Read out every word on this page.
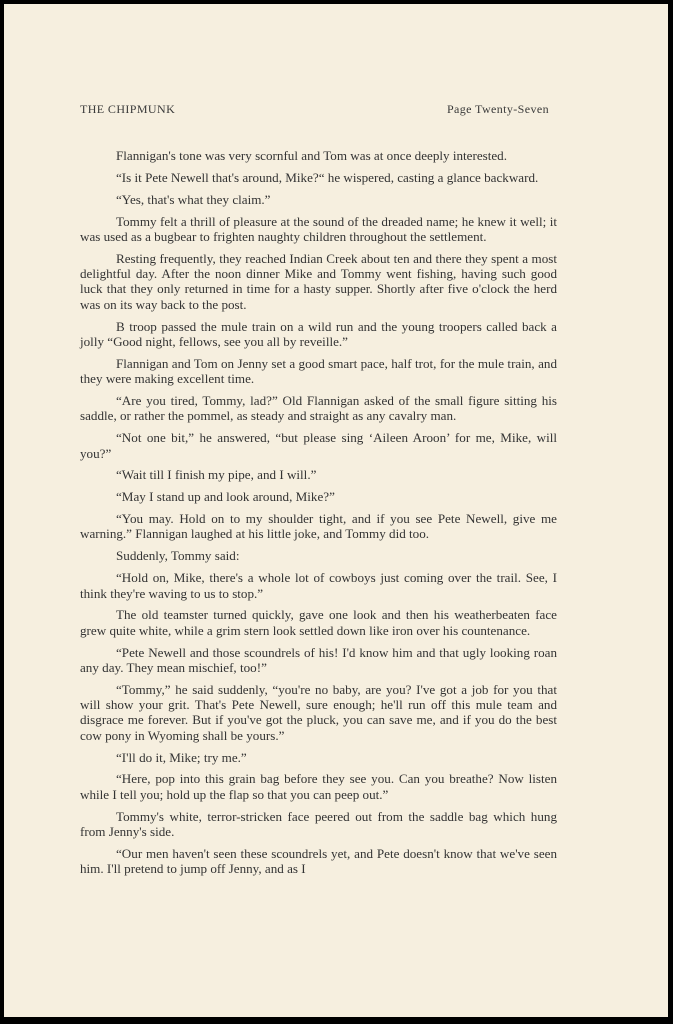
THE CHIPMUNK	Page Twenty-Seven

Flannigan's tone was very scornful and Tom was at once deeply interested.

“Is it Pete Newell that's around, Mike?“ he wispered, casting a glance backward.

“Yes, that's what they claim.”

Tommy felt a thrill of pleasure at the sound of the dreaded name; he knew it well; it was used as a bugbear to frighten naughty children throughout the settlement.

Resting frequently, they reached Indian Creek about ten and there they spent a most delightful day. After the noon dinner Mike and Tommy went fishing, having such good luck that they only returned in time for a hasty supper. Shortly after five o'clock the herd was on its way back to the post.

B troop passed the mule train on a wild run and the young troopers called back a jolly “Good night, fellows, see you all by reveille.”

Flannigan and Tom on Jenny set a good smart pace, half trot, for the mule train, and they were making excellent time.

“Are you tired, Tommy, lad?” Old Flannigan asked of the small figure sitting his saddle, or rather the pommel, as steady and straight as any cavalry man.

“Not one bit,” he answered, “but please sing ‘Aileen Aroon’ for me, Mike, will you?”

“Wait till I finish my pipe, and I will.”

“May I stand up and look around, Mike?”

“You may. Hold on to my shoulder tight, and if you see Pete Newell, give me warning.” Flannigan laughed at his little joke, and Tommy did too.

Suddenly, Tommy said:

“Hold on, Mike, there's a whole lot of cowboys just coming over the trail. See, I think they're waving to us to stop.”

The old teamster turned quickly, gave one look and then his weatherbeaten face grew quite white, while a grim stern look settled down like iron over his countenance.

“Pete Newell and those scoundrels of his! I'd know him and that ugly looking roan any day. They mean mischief, too!”

“Tommy,” he said suddenly, “you're no baby, are you? I've got a job for you that will show your grit. That's Pete Newell, sure enough; he'll run off this mule team and disgrace me forever. But if you've got the pluck, you can save me, and if you do the best cow pony in Wyoming shall be yours.”

“I'll do it, Mike; try me.”

“Here, pop into this grain bag before they see you. Can you breathe? Now listen while I tell you; hold up the flap so that you can peep out.”

Tommy's white, terror-stricken face peered out from the saddle bag which hung from Jenny's side.

“Our men haven't seen these scoundrels yet, and Pete doesn't know that we've seen him. I'll pretend to jump off Jenny, and as I
